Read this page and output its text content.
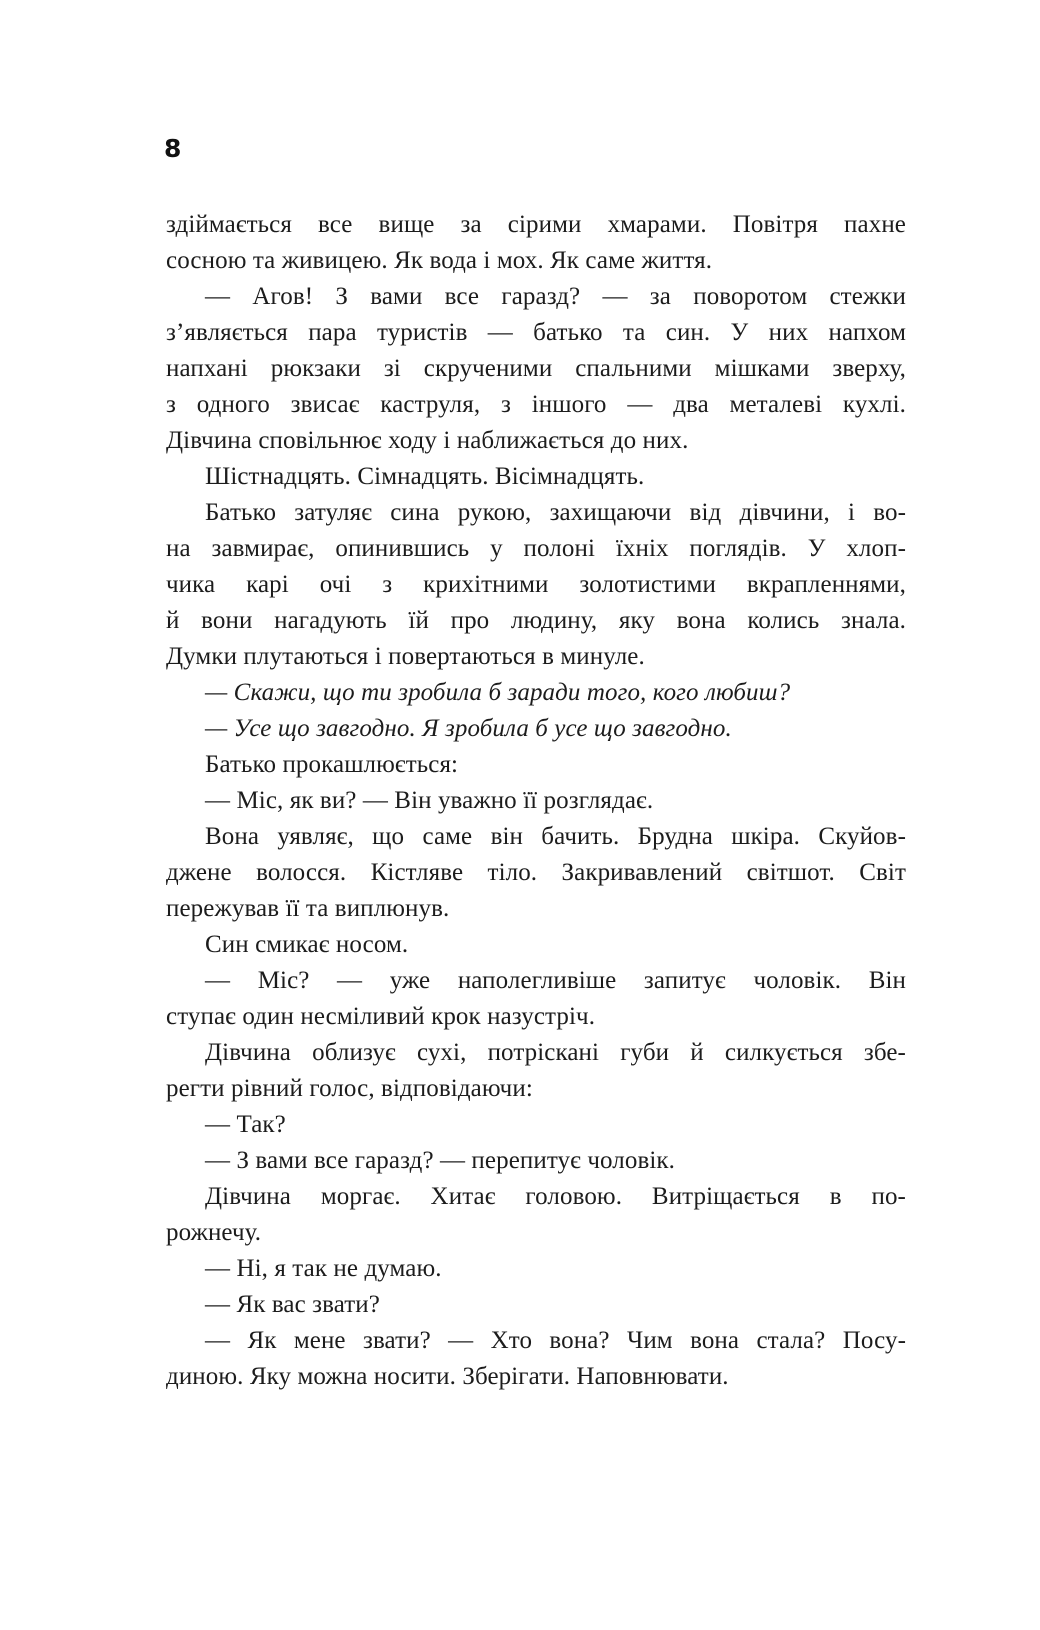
8
здіймається все вище за сірими хмарами. Повітря пахне
сосною та живицею. Як вода і мох. Як саме життя.
— Агов! З вами все гаразд? — за поворотом стежки
з’являється пара туристів — батько та син. У них напхом
напхані рюкзаки зі скрученими спальними мішками зверху,
з одного звисає каструля, з іншого — два металеві кухлі.
Дівчина сповільнює ходу і наближається до них.
Шістнадцять. Сімнадцять. Вісімнадцять.
Батько затуляє сина рукою, захищаючи від дівчини, і во-
на завмирає, опинившись у полоні їхніх поглядів. У хлоп-
чика карі очі з крихітними золотистими вкрапленнями,
й вони нагадують їй про людину, яку вона колись знала.
Думки плутаються і повертаються в минуле.
— Скажи, що ти зробила б заради того, кого любиш?
— Усе що завгодно. Я зробила б усе що завгодно.
Батько прокашлюється:
— Міс, як ви? — Він уважно її розглядає.
Вона уявляє, що саме він бачить. Брудна шкіра. Скуйов-
джене волосся. Кістляве тіло. Закривавлений світшот. Світ
пережував її та виплюнув.
Син смикає носом.
— Міс? — уже наполегливіше запитує чоловік. Він
ступає один несміливий крок назустріч.
Дівчина облизує сухі, потріскані губи й силкується збе-
регти рівний голос, відповідаючи:
— Так?
— З вами все гаразд? — перепитує чоловік.
Дівчина моргає. Хитає головою. Витріщається в по-
рожнечу.
— Ні, я так не думаю.
— Як вас звати?
— Як мене звати? — Хто вона? Чим вона стала? Посу-
диною. Яку можна носити. Зберігати. Наповнювати.
